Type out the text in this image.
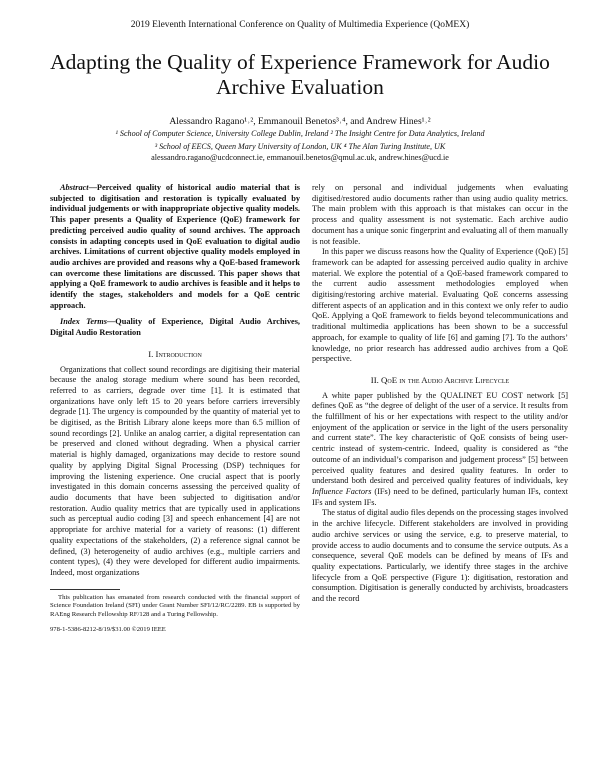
2019 Eleventh International Conference on Quality of Multimedia Experience (QoMEX)
Adapting the Quality of Experience Framework for Audio Archive Evaluation
Alessandro Ragano¹˒², Emmanouil Benetos³˒⁴, and Andrew Hines¹˒²
¹ School of Computer Science, University College Dublin, Ireland ² The Insight Centre for Data Analytics, Ireland
³ School of EECS, Queen Mary University of London, UK ⁴ The Alan Turing Institute, UK
alessandro.ragano@ucdconnect.ie, emmanouil.benetos@qmul.ac.uk, andrew.hines@ucd.ie

Abstract—Perceived quality of historical audio material that is subjected to digitisation and restoration is typically evaluated by individual judgements or with inappropriate objective quality models. This paper presents a Quality of Experience (QoE) framework for predicting perceived audio quality of sound archives. The approach consists in adapting concepts used in QoE evaluation to digital audio archives. Limitations of current objective quality models employed in audio archives are provided and reasons why a QoE-based framework can overcome these limitations are discussed. This paper shows that applying a QoE framework to audio archives is feasible and it helps to identify the stages, stakeholders and models for a QoE centric approach.

Index Terms—Quality of Experience, Digital Audio Archives, Digital Audio Restoration

I. Introduction

Organizations that collect sound recordings are digitising their material because the analog storage medium where sound has been recorded, referred to as carriers, degrade over time [1]. It is estimated that organizations have only left 15 to 20 years before carriers irreversibly degrade [1]. The urgency is compounded by the quantity of material yet to be digitised, as the British Library alone keeps more than 6.5 million of sound recordings [2]. Unlike an analog carrier, a digital representation can be preserved and cloned without degrading. When a physical carrier material is highly damaged, organizations may decide to restore sound quality by applying Digital Signal Processing (DSP) techniques for improving the listening experience. One crucial aspect that is poorly investigated in this domain concerns assessing the perceived quality of audio documents that have been subjected to digitisation and/or restoration. Audio quality metrics that are typically used in applications such as perceptual audio coding [3] and speech enhancement [4] are not appropriate for archive material for a variety of reasons: (1) different quality expectations of the stakeholders, (2) a reference signal cannot be defined, (3) heterogeneity of audio archives (e.g., multiple carriers and content types), (4) they were developed for different audio impairments. Indeed, most organizations

This publication has emanated from research conducted with the financial support of Science Foundation Ireland (SFI) under Grant Number SFI/12/RC/2289. EB is supported by RAEng Research Fellowship RF/128 and a Turing Fellowship.
978-1-5386-8212-8/19/$31.00 ©2019 IEEE

rely on personal and individual judgements when evaluating digitised/restored audio documents rather than using audio quality metrics. The main problem with this approach is that mistakes can occur in the process and quality assessment is not systematic. Each archive audio document has a unique sonic fingerprint and evaluating all of them manually is not feasible.

In this paper we discuss reasons how the Quality of Experience (QoE) [5] framework can be adapted for assessing perceived audio quality in archive material. We explore the potential of a QoE-based framework compared to the current audio assessment methodologies employed when digitising/restoring archive material. Evaluating QoE concerns assessing different aspects of an application and in this context we only refer to audio QoE. Applying a QoE framework to fields beyond telecommunications and traditional multimedia applications has been shown to be a successful approach, for example to quality of life [6] and gaming [7]. To the authors’ knowledge, no prior research has addressed audio archives from a QoE perspective.

II. QoE in the Audio Archive Lifecycle

A white paper published by the QUALINET EU COST network [5] defines QoE as “the degree of delight of the user of a service. It results from the fulfillment of his or her expectations with respect to the utility and/or enjoyment of the application or service in the light of the users personality and current state”. The key characteristic of QoE consists of being user-centric instead of system-centric. Indeed, quality is considered as “the outcome of an individual’s comparison and judgement process” [5] between perceived quality features and desired quality features. In order to understand both desired and perceived quality features of individuals, key Influence Factors (IFs) need to be defined, particularly human IFs, context IFs and system IFs.

The status of digital audio files depends on the processing stages involved in the archive lifecycle. Different stakeholders are involved in providing audio archive services or using the service, e.g. to preserve material, to provide access to audio documents and to consume the service outputs. As a consequence, several QoE models can be defined by means of IFs and quality expectations. Particularly, we identify three stages in the archive lifecycle from a QoE perspective (Figure 1): digitisation, restoration and consumption. Digitisation is generally conducted by archivists, broadcasters and the record
